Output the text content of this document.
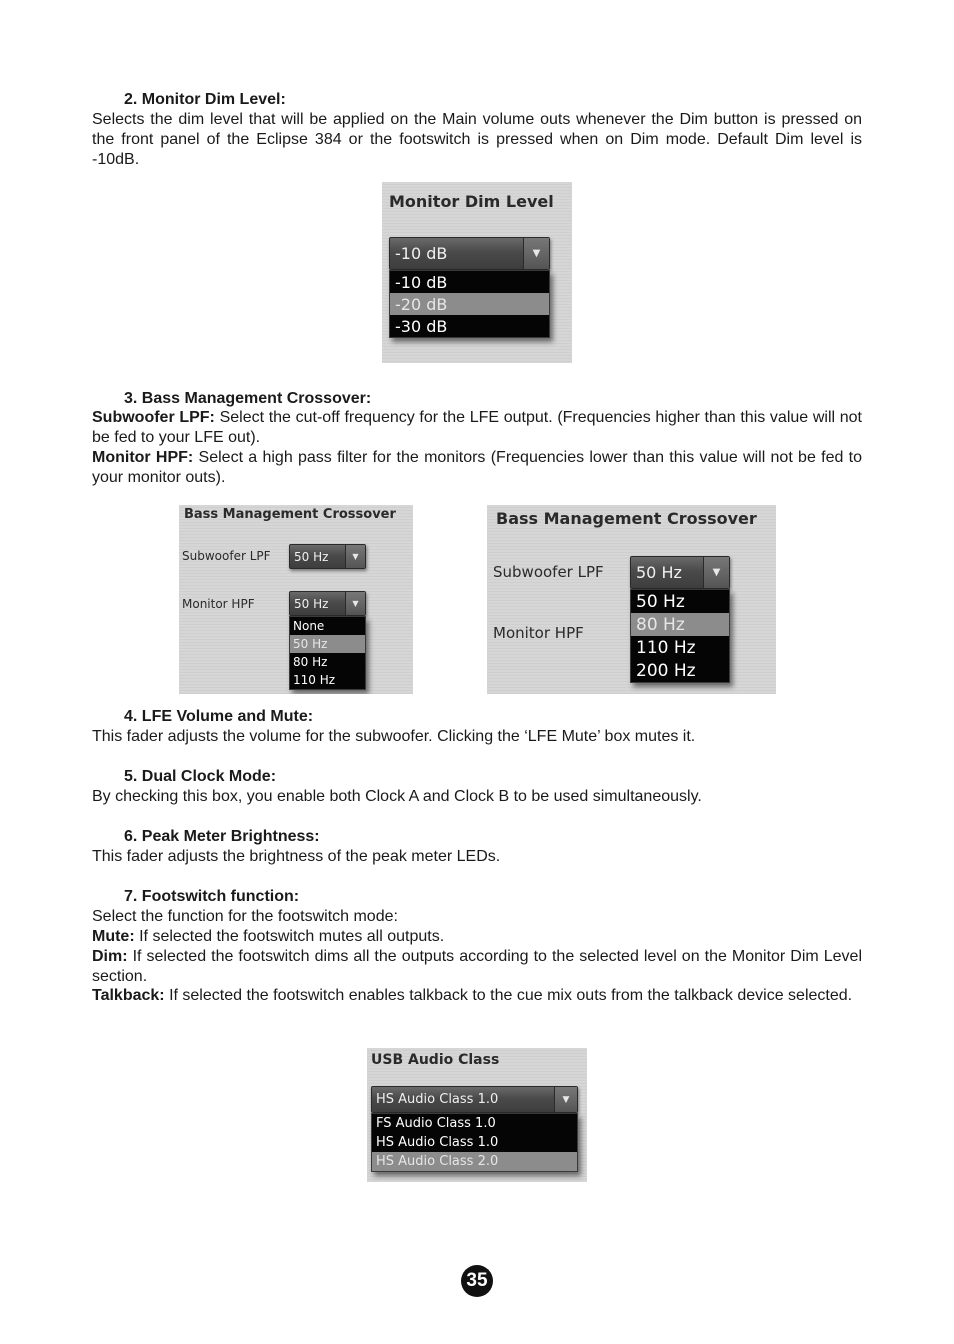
2. Monitor Dim Level:
Selects the dim level that will be applied on the Main volume outs whenever the Dim button is pressed on the front panel of the Eclipse 384 or the footswitch is pressed when on Dim mode. Default Dim level is -10dB.
Monitor Dim Level
-10 dB	▼
-10 dB
-20 dB
-30 dB
3. Bass Management Crossover:
Subwoofer LPF: Select the cut-off frequency for the LFE output. (Frequencies higher than this value will not be fed to your LFE out).
Monitor HPF: Select a high pass filter for the monitors (Frequencies lower than this value will not be fed to your monitor outs).
Bass Management Crossover
Subwoofer LPF 50 Hz	▼
Monitor HPF	50 Hz	▼
None
50 Hz
80 Hz
110 Hz
Bass Management Crossover
Subwoofer LPF 50 Hz	▼
Monitor HPF
50 Hz
80 Hz
110 Hz
200 Hz
4. LFE Volume and Mute:
This fader adjusts the volume for the subwoofer. Clicking the ‘LFE Mute’ box mutes it.
5. Dual Clock Mode:
By checking this box, you enable both Clock A and Clock B to be used simultaneously.
6. Peak Meter Brightness:
This fader adjusts the brightness of the peak meter LEDs.
7. Footswitch function:
Select the function for the footswitch mode:
Mute: If selected the footswitch mutes all outputs.
Dim: If selected the footswitch dims all the outputs according to the selected level on the Monitor Dim Level section.
Talkback: If selected the footswitch enables talkback to the cue mix outs from the talkback device selected.
USB Audio Class
HS Audio Class 1.0	▼
FS Audio Class 1.0
HS Audio Class 1.0
HS Audio Class 2.0
35
